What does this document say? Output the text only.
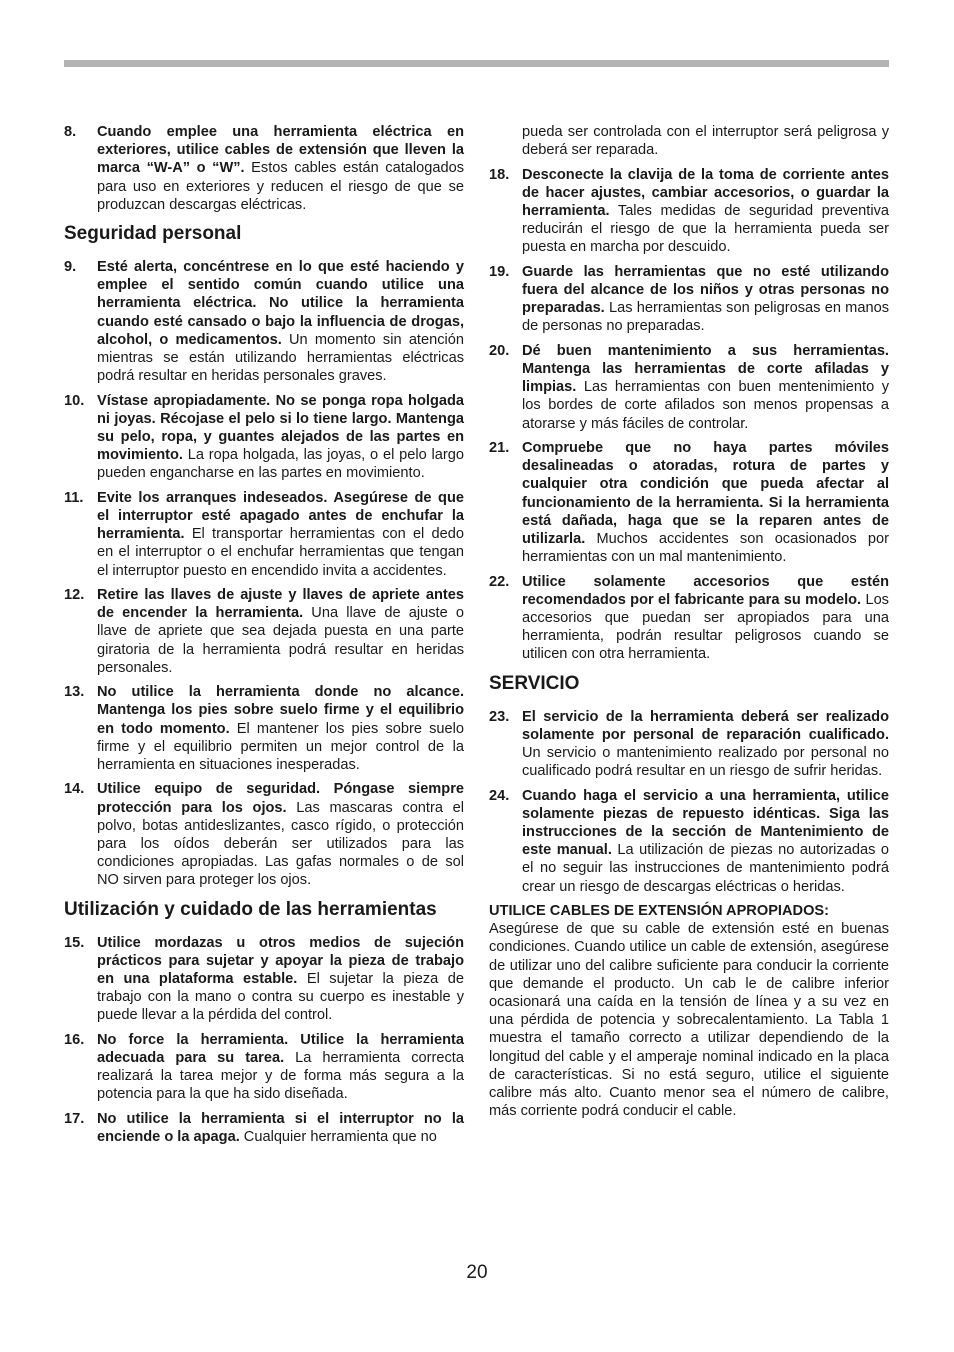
8.	Cuando emplee una herramienta eléctrica en exteriores, utilice cables de extensión que lleven la marca “W-A” o “W”. Estos cables están catalogados para uso en exteriores y reducen el riesgo de que se produzcan descargas eléctricas.
Seguridad personal
9.	Esté alerta, concéntrese en lo que esté haciendo y emplee el sentido común cuando utilice una herramienta eléctrica. No utilice la herramienta cuando esté cansado o bajo la influencia de drogas, alcohol, o medicamentos. Un momento sin atención mientras se están utilizando herramientas eléctricas podrá resultar en heridas personales graves.
10. Vístase apropiadamente. No se ponga ropa holgada ni joyas. Récojase el pelo si lo tiene largo. Mantenga su pelo, ropa, y guantes alejados de las partes en movimiento. La ropa holgada, las joyas, o el pelo largo pueden engancharse en las partes en movimiento.
11. Evite los arranques indeseados. Asegúrese de que el interruptor esté apagado antes de enchufar la herramienta. El transportar herramientas con el dedo en el interruptor o el enchufar herramientas que tengan el interruptor puesto en encendido invita a accidentes.
12. Retire las llaves de ajuste y llaves de apriete antes de encender la herramienta. Una llave de ajuste o llave de apriete que sea dejada puesta en una parte giratoria de la herramienta podrá resultar en heridas personales.
13. No utilice la herramienta donde no alcance. Mantenga los pies sobre suelo firme y el equilibrio en todo momento. El mantener los pies sobre suelo firme y el equilibrio permiten un mejor control de la herramienta en situaciones inesperadas.
14. Utilice equipo de seguridad. Póngase siempre protección para los ojos. Las mascaras contra el polvo, botas antideslizantes, casco rígido, o protección para los oídos deberán ser utilizados para las condiciones apropiadas. Las gafas normales o de sol NO sirven para proteger los ojos.
Utilización y cuidado de las herramientas
15. Utilice mordazas u otros medios de sujeción prácticos para sujetar y apoyar la pieza de trabajo en una plataforma estable. El sujetar la pieza de trabajo con la mano o contra su cuerpo es inestable y puede llevar a la pérdida del control.
16. No force la herramienta. Utilice la herramienta adecuada para su tarea. La herramienta correcta realizará la tarea mejor y de forma más segura a la potencia para la que ha sido diseñada.
17. No utilice la herramienta si el interruptor no la enciende o la apaga. Cualquier herramienta que no
pueda ser controlada con el interruptor será peligrosa y deberá ser reparada.
18. Desconecte la clavija de la toma de corriente antes de hacer ajustes, cambiar accesorios, o guardar la herramienta. Tales medidas de seguridad preventiva reducirán el riesgo de que la herramienta pueda ser puesta en marcha por descuido.
19. Guarde las herramientas que no esté utilizando fuera del alcance de los niños y otras personas no preparadas. Las herramientas son peligrosas en manos de personas no preparadas.
20. Dé buen mantenimiento a sus herramientas. Mantenga las herramientas de corte afiladas y limpias. Las herramientas con buen mentenimiento y los bordes de corte afilados son menos propensas a atorarse y más fáciles de controlar.
21. Compruebe que no haya partes móviles desalineadas o atoradas, rotura de partes y cualquier otra condición que pueda afectar al funcionamiento de la herramienta. Si la herramienta está dañada, haga que se la reparen antes de utilizarla. Muchos accidentes son ocasionados por herramientas con un mal mantenimiento.
22. Utilice solamente accesorios que estén recomendados por el fabricante para su modelo. Los accesorios que puedan ser apropiados para una herramienta, podrán resultar peligrosos cuando se utilicen con otra herramienta.
SERVICIO
23. El servicio de la herramienta deberá ser realizado solamente por personal de reparación cualificado. Un servicio o mantenimiento realizado por personal no cualificado podrá resultar en un riesgo de sufrir heridas.
24. Cuando haga el servicio a una herramienta, utilice solamente piezas de repuesto idénticas. Siga las instrucciones de la sección de Mantenimiento de este manual. La utilización de piezas no autorizadas o el no seguir las instrucciones de mantenimiento podrá crear un riesgo de descargas eléctricas o heridas.
UTILICE CABLES DE EXTENSIÓN APROPIADOS:
Asegúrese de que su cable de extensión esté en buenas condiciones. Cuando utilice un cable de extensión, asegúrese de utilizar uno del calibre suficiente para conducir la corriente que demande el producto. Un cab le de calibre inferior ocasionará una caída en la tensión de línea y a su vez en una pérdida de potencia y sobrecalentamiento. La Tabla 1 muestra el tamaño correcto a utilizar dependiendo de la longitud del cable y el amperaje nominal indicado en la placa de características. Si no está seguro, utilice el siguiente calibre más alto. Cuanto menor sea el número de calibre, más corriente podrá conducir el cable.
20
